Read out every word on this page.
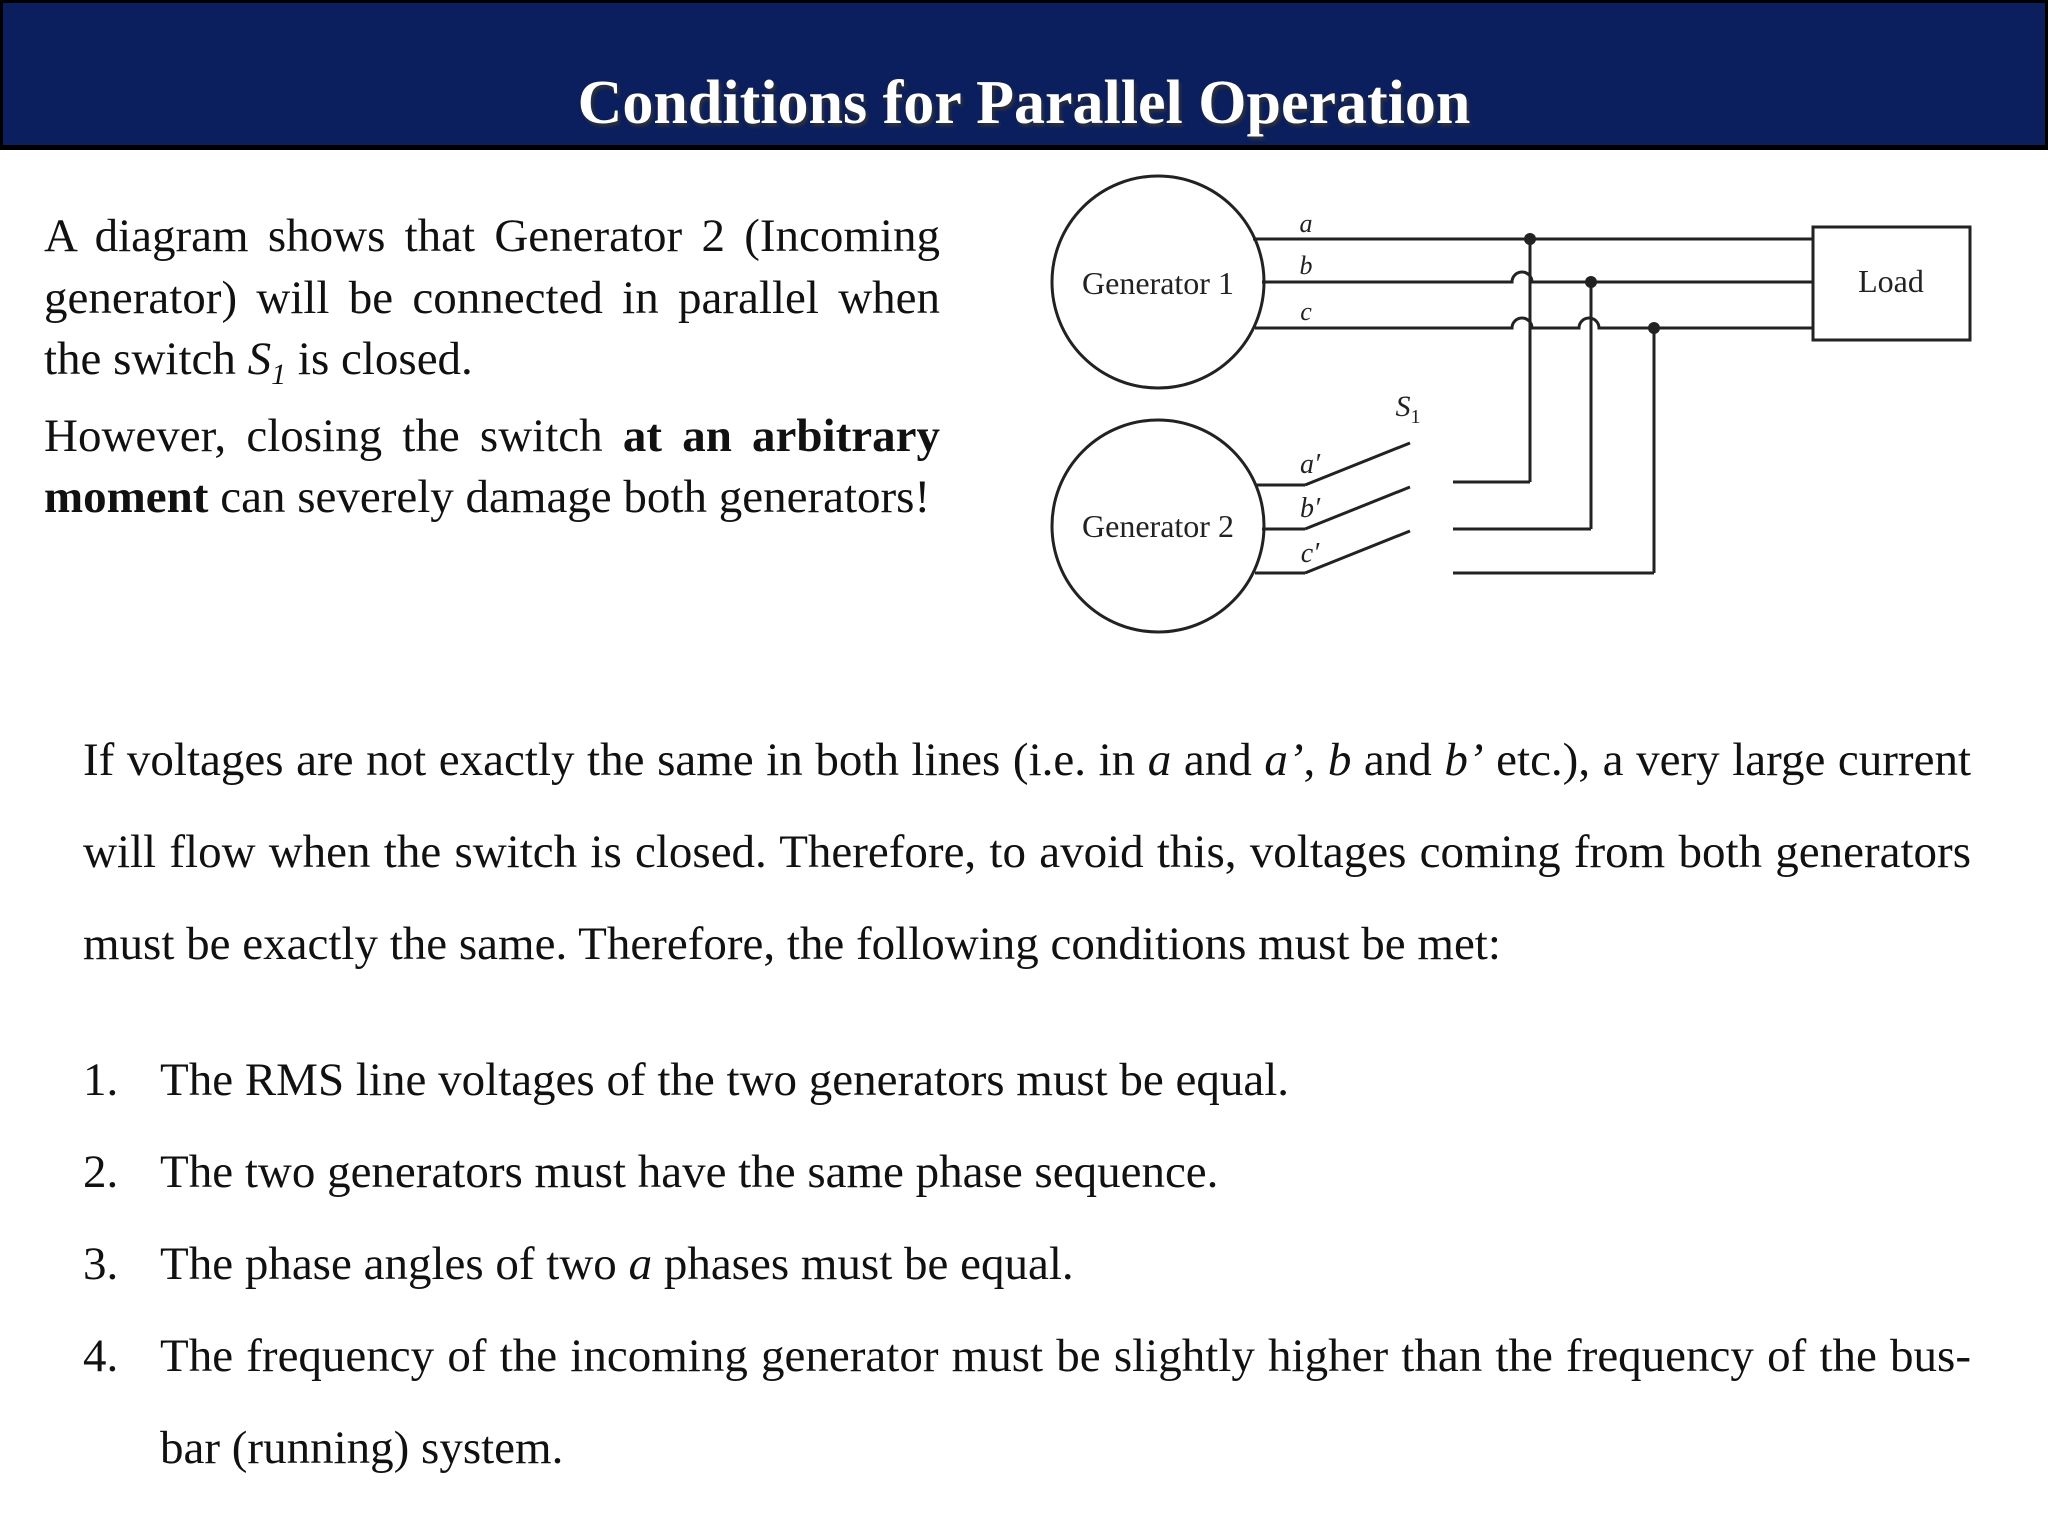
Conditions for Parallel Operation

A diagram shows that Generator 2 (Incoming generator) will be connected in parallel when the switch $S_1$ is closed.

However, closing the switch at an arbitrary moment can severely damage both generators!

Generator 1
Generator 2
Load
a
b
c
a′
b′
c′
$S_1$

If voltages are not exactly the same in both lines (i.e. in a and a’, b and b’ etc.), a very large current will flow when the switch is closed. Therefore, to avoid this, voltages coming from both generators must be exactly the same. Therefore, the following conditions must be met:

1. The RMS line voltages of the two generators must be equal.
2. The two generators must have the same phase sequence.
3. The phase angles of two a phases must be equal.
4. The frequency of the incoming generator must be slightly higher than the frequency of the bus-bar (running) system.
